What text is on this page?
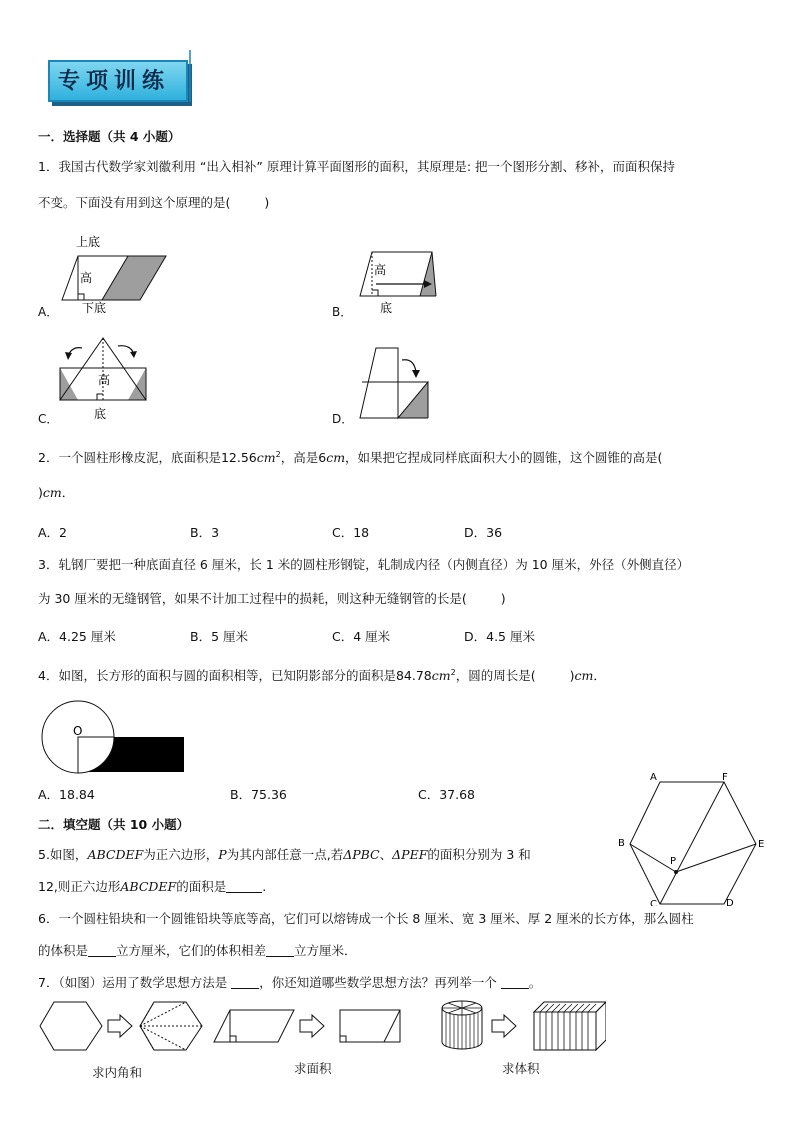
专项训练
一．选择题（共 4 小题）
1．我国古代数学家刘徽利用 “出入相补” 原理计算平面图形的面积，其原理是: 把一个图形分割、移补，而面积保持
不变。下面没有用到这个原理的是(	)
上底
高
下底
A．
高
底
B．
高
底
C．	D．
2．一个圆柱形橡皮泥，底面积是$12.56cm^2$，高是6cm，如果把它捏成同样底面积大小的圆锥，这个圆锥的高是(
)cm．
A．2	B．3	C．18	D．36
3．轧钢厂要把一种底面直径 6 厘米，长 1 米的圆柱形钢锭，轧制成内径（内侧直径）为 10 厘米，外径（外侧直径）
为 30 厘米的无缝钢管，如果不计加工过程中的损耗，则这种无缝钢管的长是(	)
A．4.25 厘米	B．5 厘米	C．4 厘米	D．4.5 厘米
4．如图，长方形的面积与圆的面积相等，已知阴影部分的面积是$84.78cm^2$，圆的周长是(	)cm．
O
A．18.84	B．75.36	C．37.68
二．填空题（共 10 小题）
5.如图，ABCDEF为正六边形，P为其内部任意一点,若ΔPBC、ΔPEF的面积分别为 3 和
12,则正六边形ABCDEF的面积是	.
A	F
B	E
P
C	D
6．一个圆柱铅块和一个圆锥铅块等底等高，它们可以熔铸成一个长 8 厘米、宽 3 厘米、厚 2 厘米的长方体，那么圆柱
的体积是 立方厘米，它们的体积相差 立方厘米．
7．（如图）运用了数学思想方法是	，你还知道哪些数学思想方法？再列举一个	。
求内角和	求面积	求体积
